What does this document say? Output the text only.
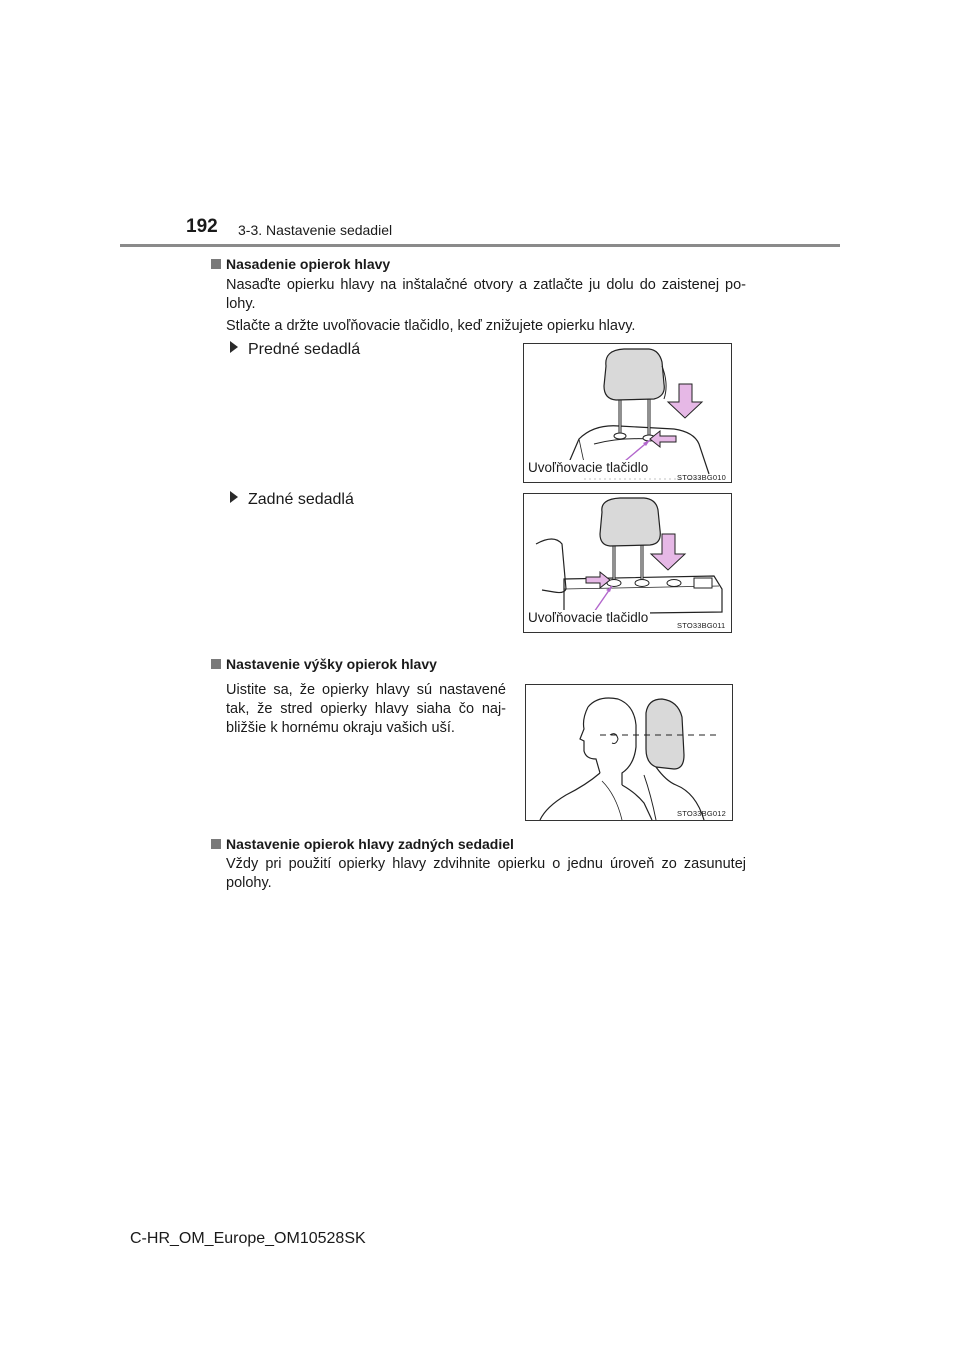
192 3-3. Nastavenie sedadiel
Nasadenie opierok hlavy
Nasaďte opierku hlavy na inštalačné otvory a zatlačte ju dolu do zaistenej po-lohy.
Stlačte a držte uvoľňovacie tlačidlo, keď znižujete opierku hlavy.
Predné sedadlá
Uvoľňovacie tlačidlo
STO33BG010
Zadné sedadlá
Uvoľňovacie tlačidlo
STO33BG011
Nastavenie výšky opierok hlavy
Uistite sa, že opierky hlavy sú nastavené tak, že stred opierky hlavy siaha čo naj-bližšie k hornému okraju vašich uší.
STO33BG012
Nastavenie opierok hlavy zadných sedadiel
Vždy pri použití opierky hlavy zdvihnite opierku o jednu úroveň zo zasunutej polohy.
C-HR_OM_Europe_OM10528SK
